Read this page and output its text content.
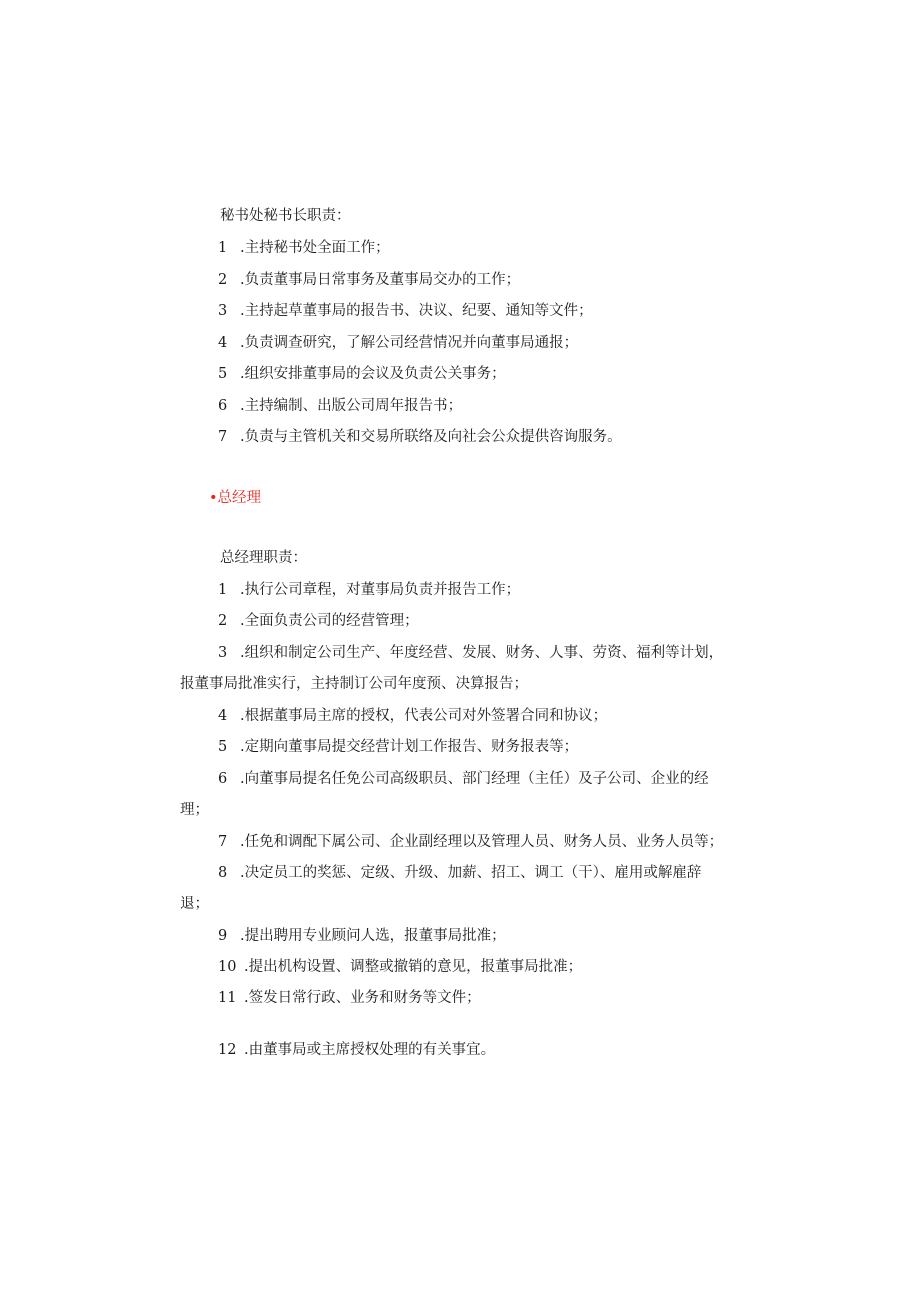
秘书处秘书长职责：
1 .主持秘书处全面工作；
2 .负责董事局日常事务及董事局交办的工作；
3 .主持起草董事局的报告书、决议、纪要、通知等文件；
4 .负责调查研究，了解公司经营情况并向董事局通报；
5 .组织安排董事局的会议及负责公关事务；
6 .主持编制、出版公司周年报告书；
7 .负责与主管机关和交易所联络及向社会公众提供咨询服务。
•总经理
总经理职责：
1 .执行公司章程，对董事局负责并报告工作；
2 .全面负责公司的经营管理；
3 .组织和制定公司生产、年度经营、发展、财务、人事、劳资、福利等计划，
报董事局批准实行，主持制订公司年度预、决算报告；
4 .根据董事局主席的授权，代表公司对外签署合同和协议；
5 .定期向董事局提交经营计划工作报告、财务报表等；
6 .向董事局提名任免公司高级职员、部门经理（主任）及子公司、企业的经
理；
7 .任免和调配下属公司、企业副经理以及管理人员、财务人员、业务人员等；
8 .决定员工的奖惩、定级、升级、加薪、招工、调工（干）、雇用或解雇辞
退；
9 .提出聘用专业顾问人选，报董事局批准；
10 .提出机构设置、调整或撤销的意见，报董事局批准；
11 .签发日常行政、业务和财务等文件；
12 .由董事局或主席授权处理的有关事宜。
